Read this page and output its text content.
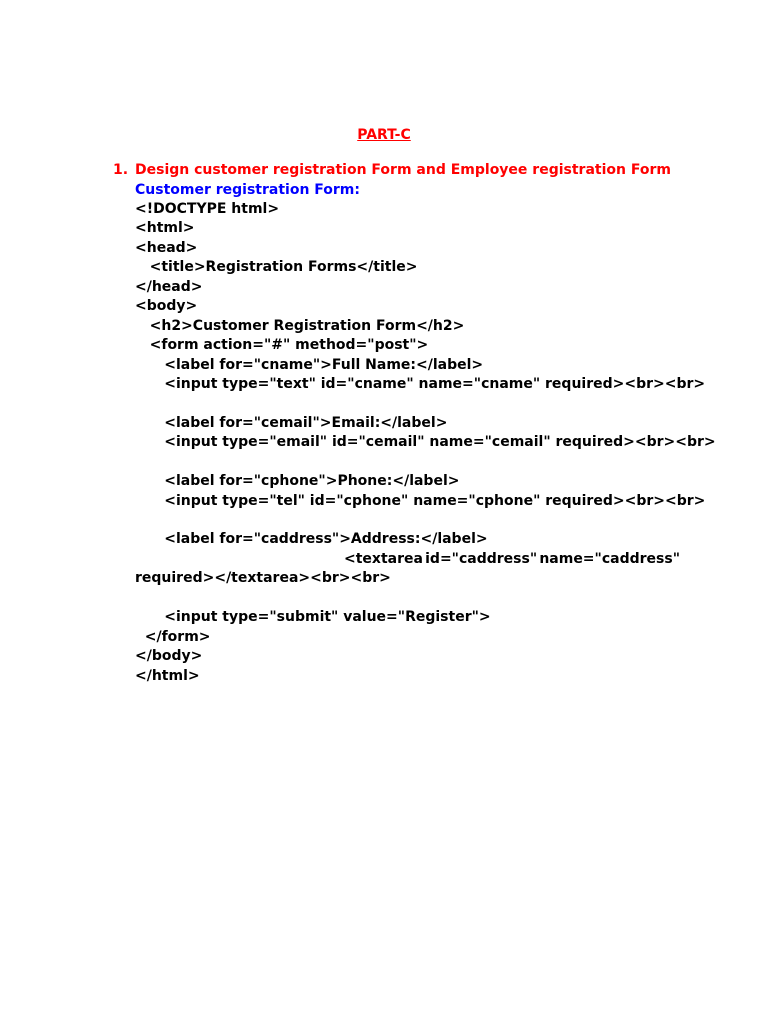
PART-C
1. Design customer registration Form and Employee registration Form
Customer registration Form:
<!DOCTYPE html>
<html>
<head>
<title>Registration Forms</title>
</head>
<body>
<h2>Customer Registration Form</h2>
<form action="#" method="post">
<label for="cname">Full Name:</label>
<input type="text" id="cname" name="cname" required><br><br>
<label for="cemail">Email:</label>
<input type="email" id="cemail" name="cemail" required><br><br>
<label for="cphone">Phone:</label>
<input type="tel" id="cphone" name="cphone" required><br><br>
<label for="caddress">Address:</label>
<textarea id="caddress" name="caddress"
required></textarea><br><br>
<input type="submit" value="Register">
</form>
</body>
</html>
